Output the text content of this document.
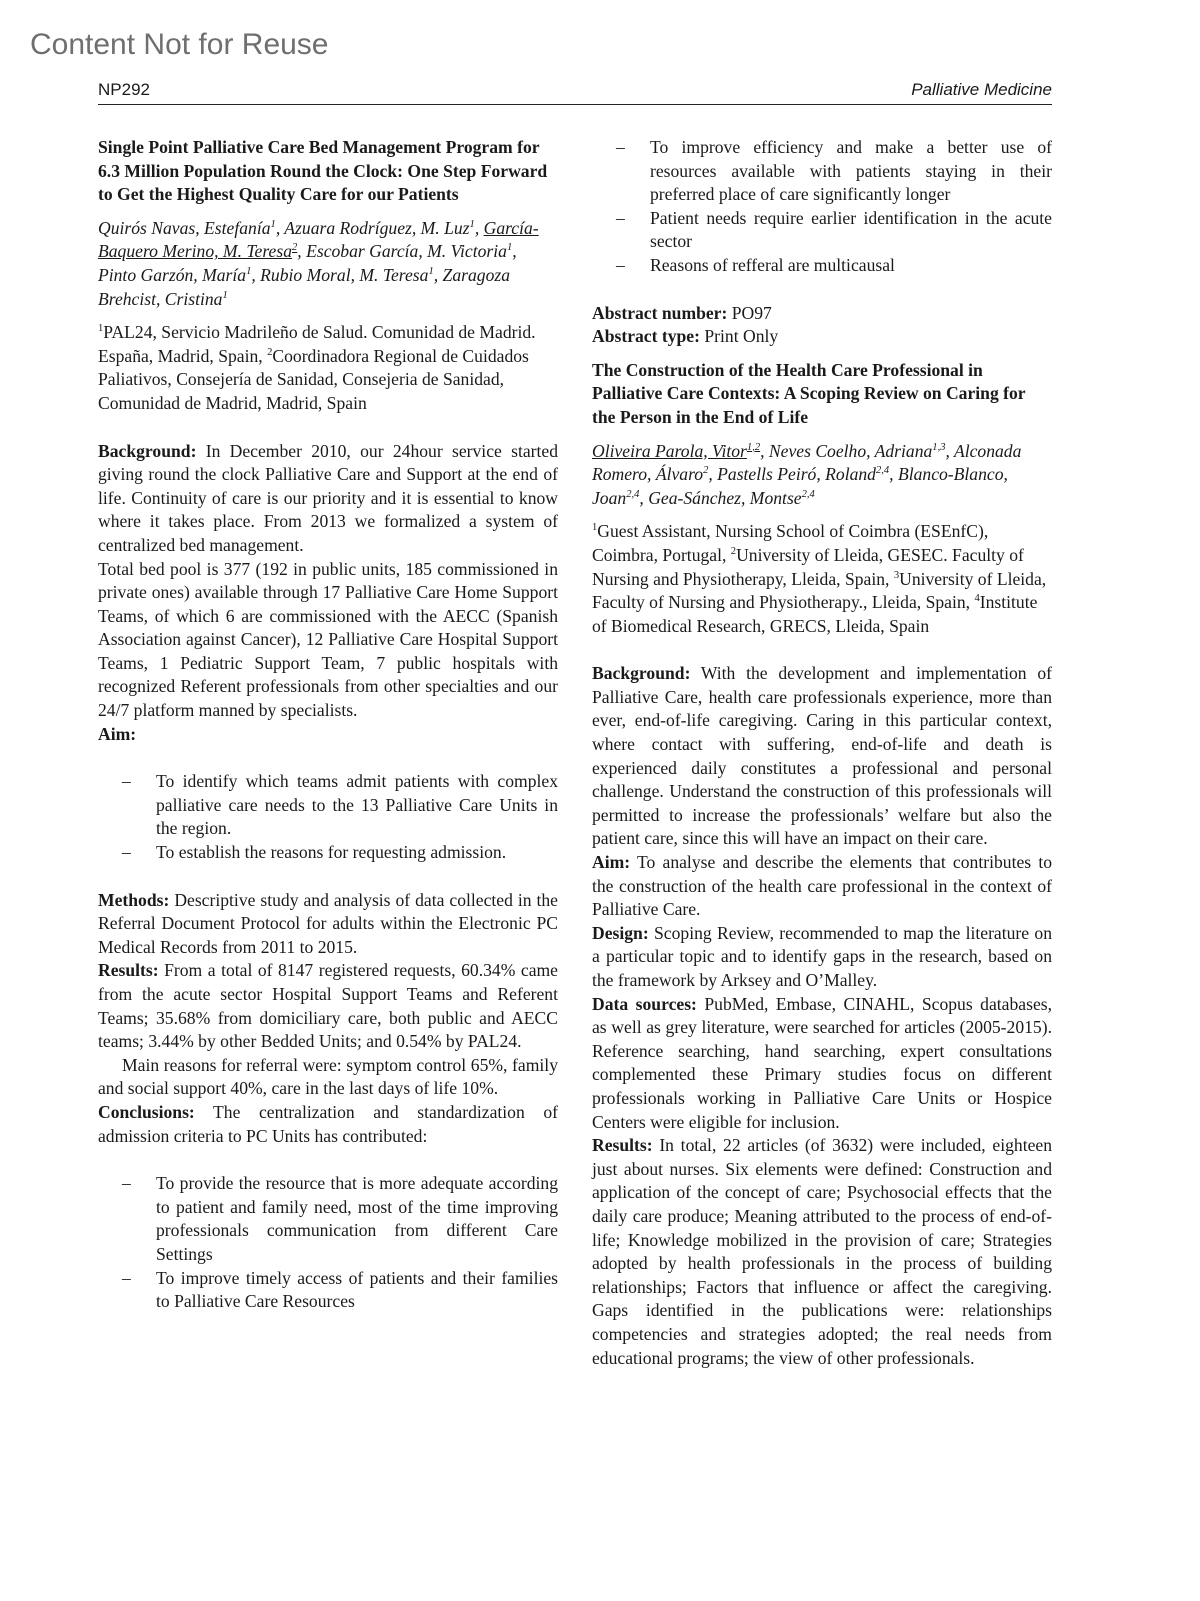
Content Not for Reuse
NP292	Palliative Medicine
Single Point Palliative Care Bed Management Program for 6.3 Million Population Round the Clock: One Step Forward to Get the Highest Quality Care for our Patients
Quirós Navas, Estefanía$^1$, Azuara Rodríguez, M. Luz$^1$, García-Baquero Merino, M. Teresa$^2$, Escobar García, M. Victoria$^1$, Pinto Garzón, María$^1$, Rubio Moral, M. Teresa$^1$, Zaragoza Brehcist, Cristina$^1$
$^1$PAL24, Servicio Madrileño de Salud. Comunidad de Madrid. España, Madrid, Spain, $^2$Coordinadora Regional de Cuidados Paliativos, Consejería de Sanidad, Consejeria de Sanidad, Comunidad de Madrid, Madrid, Spain

Background: In December 2010, our 24hour service started giving round the clock Palliative Care and Support at the end of life. Continuity of care is our priority and it is essential to know where it takes place. From 2013 we formalized a system of centralized bed management.

Total bed pool is 377 (192 in public units, 185 commissioned in private ones) available through 17 Palliative Care Home Support Teams, of which 6 are commissioned with the AECC (Spanish Association against Cancer), 12 Palliative Care Hospital Support Teams, 1 Pediatric Support Team, 7 public hospitals with recognized Referent professionals from other specialties and our 24/7 platform manned by specialists.

Aim:

– To identify which teams admit patients with complex palliative care needs to the 13 Palliative Care Units in the region.
– To establish the reasons for requesting admission.

Methods: Descriptive study and analysis of data collected in the Referral Document Protocol for adults within the Electronic PC Medical Records from 2011 to 2015.

Results: From a total of 8147 registered requests, 60.34% came from the acute sector Hospital Support Teams and Referent Teams; 35.68% from domiciliary care, both public and AECC teams; 3.44% by other Bedded Units; and 0.54% by PAL24.

Main reasons for referral were: symptom control 65%, family and social support 40%, care in the last days of life 10%.

Conclusions: The centralization and standardization of admission criteria to PC Units has contributed:

– To provide the resource that is more adequate according to patient and family need, most of the time improving professionals communication from different Care Settings
– To improve timely access of patients and their families to Palliative Care Resources
– To improve efficiency and make a better use of resources available with patients staying in their preferred place of care significantly longer
– Patient needs require earlier identification in the acute sector
– Reasons of refferal are multicausal
Abstract number: PO97
Abstract type: Print Only
The Construction of the Health Care Professional in Palliative Care Contexts: A Scoping Review on Caring for the Person in the End of Life
Oliveira Parola, Vitor$^{1,2}$, Neves Coelho, Adriana$^{1,3}$, Alconada Romero, Álvaro$^2$, Pastells Peiró, Roland$^{2,4}$, Blanco-Blanco, Joan$^{2,4}$, Gea-Sánchez, Montse$^{2,4}$
$^1$Guest Assistant, Nursing School of Coimbra (ESEnfC), Coimbra, Portugal, $^2$University of Lleida, GESEC. Faculty of Nursing and Physiotherapy, Lleida, Spain, $^3$University of Lleida, Faculty of Nursing and Physiotherapy., Lleida, Spain, $^4$Institute of Biomedical Research, GRECS, Lleida, Spain

Background: With the development and implementation of Palliative Care, health care professionals experience, more than ever, end-of-life caregiving. Caring in this particular context, where contact with suffering, end-of-life and death is experienced daily constitutes a professional and personal challenge. Understand the construction of this professionals will permitted to increase the professionals’ welfare but also the patient care, since this will have an impact on their care.

Aim: To analyse and describe the elements that contributes to the construction of the health care professional in the context of Palliative Care.

Design: Scoping Review, recommended to map the literature on a particular topic and to identify gaps in the research, based on the framework by Arksey and O’Malley.

Data sources: PubMed, Embase, CINAHL, Scopus databases, as well as grey literature, were searched for articles (2005-2015). Reference searching, hand searching, expert consultations complemented these Primary studies focus on different professionals working in Palliative Care Units or Hospice Centers were eligible for inclusion.

Results: In total, 22 articles (of 3632) were included, eighteen just about nurses. Six elements were defined: Construction and application of the concept of care; Psychosocial effects that the daily care produce; Meaning attributed to the process of end-of-life; Knowledge mobilized in the provision of care; Strategies adopted by health professionals in the process of building relationships; Factors that influence or affect the caregiving. Gaps identified in the publications were: relationships competencies and strategies adopted; the real needs from educational programs; the view of other professionals.
